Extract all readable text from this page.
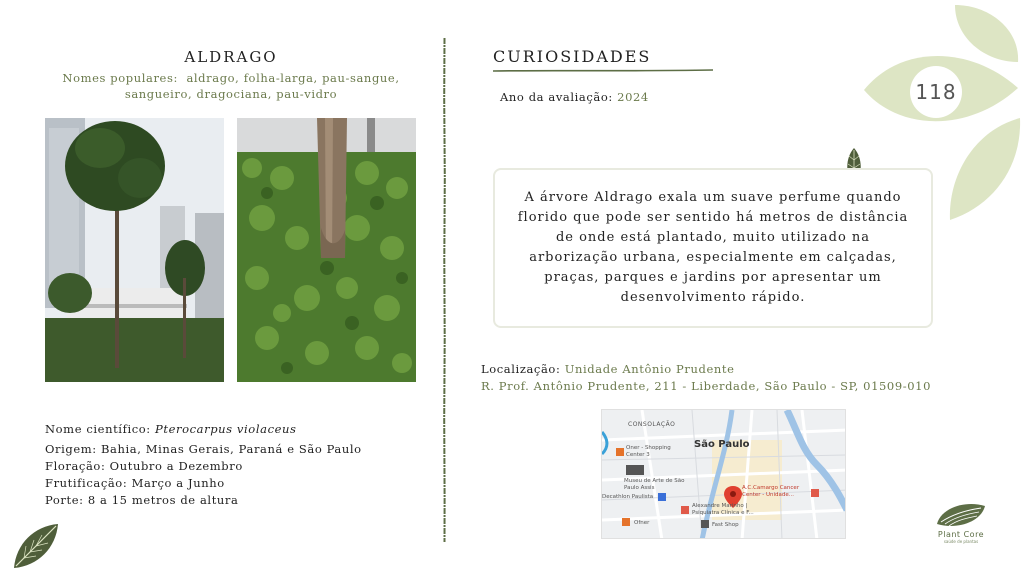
118
ALDRAGO
Nomes populares: aldrago, folha-larga, pau-sangue, sangueiro, dragociana, pau-vidro
Nome científico: Pterocarpus violaceus
Origem: Bahia, Minas Gerais, Paraná e São Paulo
Floração: Outubro a Dezembro
Frutificação: Março a Junho
Porte: 8 a 15 metros de altura
CURIOSIDADES
Ano da avaliação: 2024
A árvore Aldrago exala um suave perfume quando florido que pode ser sentido há metros de distância de onde está plantado, muito utilizado na arborização urbana, especialmente em calçadas, praças, parques e jardins por apresentar um desenvolvimento rápido.
Localização: Unidade Antônio Prudente
R. Prof. Antônio Prudente, 211 - Liberdade, São Paulo - SP, 01509-010
CONSOLAÇÃO
São Paulo
Oner - Shopping Center 3
Museu de Arte de São Paulo Assis
Decathlon Paulista
A.C.Camargo Cancer Center - Unidade...
Alexandre Marinho | Psiquiatra Clínica e F...
Fast Shop
Ofner
Plant Core
saúde de plantas
